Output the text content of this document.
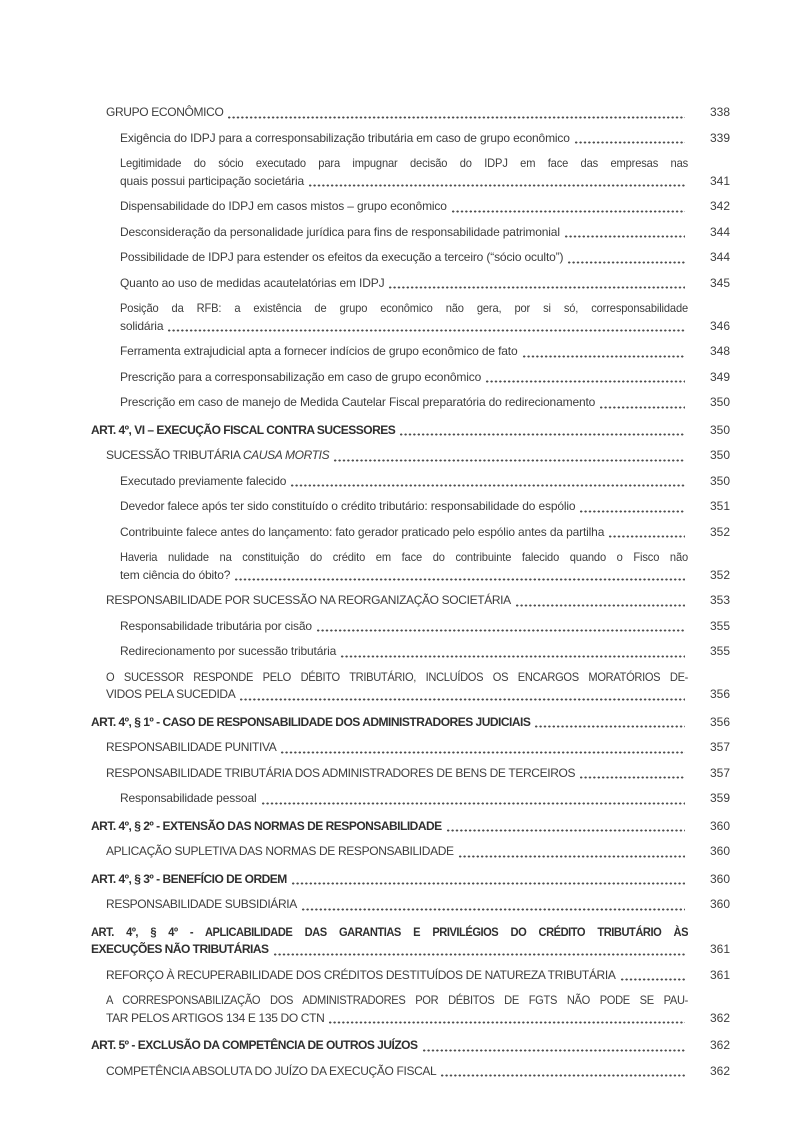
GRUPO ECONÔMICO	338
Exigência do IDPJ para a corresponsabilização tributária em caso de grupo econômico	339
Legitimidade do sócio executado para impugnar decisão do IDPJ em face das empresas nas
quais possui participação societária	341
Dispensabilidade do IDPJ em casos mistos – grupo econômico	342
Desconsideração da personalidade jurídica para fins de responsabilidade patrimonial	344
Possibilidade de IDPJ para estender os efeitos da execução a terceiro (“sócio oculto”)	344
Quanto ao uso de medidas acautelatórias em IDPJ	345
Posição da RFB: a existência de grupo econômico não gera, por si só, corresponsabilidade
solidária	346
Ferramenta extrajudicial apta a fornecer indícios de grupo econômico de fato	348
Prescrição para a corresponsabilização em caso de grupo econômico	349
Prescrição em caso de manejo de Medida Cautelar Fiscal preparatória do redirecionamento	350
ART. 4º, VI – EXECUÇÃO FISCAL CONTRA SUCESSORES	350
SUCESSÃO TRIBUTÁRIA CAUSA MORTIS	350
Executado previamente falecido	350
Devedor falece após ter sido constituído o crédito tributário: responsabilidade do espólio	351
Contribuinte falece antes do lançamento: fato gerador praticado pelo espólio antes da partilha	352
Haveria nulidade na constituição do crédito em face do contribuinte falecido quando o Fisco não
tem ciência do óbito?	352
RESPONSABILIDADE POR SUCESSÃO NA REORGANIZAÇÃO SOCIETÁRIA	353
Responsabilidade tributária por cisão	355
Redirecionamento por sucessão tributária	355
O SUCESSOR RESPONDE PELO DÉBITO TRIBUTÁRIO, INCLUÍDOS OS ENCARGOS MORATÓRIOS DE-
VIDOS PELA SUCEDIDA	356
ART. 4º, § 1º - CASO DE RESPONSABILIDADE DOS ADMINISTRADORES JUDICIAIS	356
RESPONSABILIDADE PUNITIVA	357
RESPONSABILIDADE TRIBUTÁRIA DOS ADMINISTRADORES DE BENS DE TERCEIROS	357
Responsabilidade pessoal	359
ART. 4º, § 2º - EXTENSÃO DAS NORMAS DE RESPONSABILIDADE	360
APLICAÇÃO SUPLETIVA DAS NORMAS DE RESPONSABILIDADE	360
ART. 4º, § 3º - BENEFÍCIO DE ORDEM	360
RESPONSABILIDADE SUBSIDIÁRIA	360
ART. 4º, § 4º - APLICABILIDADE DAS GARANTIAS E PRIVILÉGIOS DO CRÉDITO TRIBUTÁRIO ÀS
EXECUÇÕES NÃO TRIBUTÁRIAS	361
REFORÇO À RECUPERABILIDADE DOS CRÉDITOS DESTITUÍDOS DE NATUREZA TRIBUTÁRIA	361
A CORRESPONSABILIZAÇÃO DOS ADMINISTRADORES POR DÉBITOS DE FGTS NÃO PODE SE PAU-
TAR PELOS ARTIGOS 134 E 135 DO CTN	362
ART. 5º - EXCLUSÃO DA COMPETÊNCIA DE OUTROS JUÍZOS	362
COMPETÊNCIA ABSOLUTA DO JUÍZO DA EXECUÇÃO FISCAL	362
